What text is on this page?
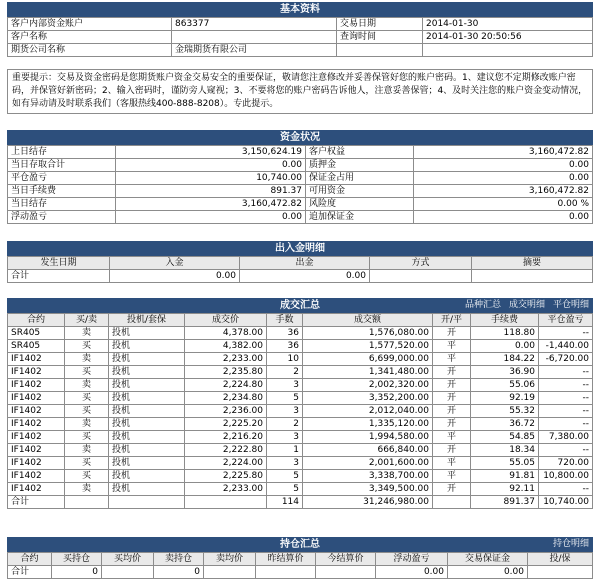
基本资料
客户内部资金账户	863377	交易日期	2014-01-30
客户名称		查询时间	2014-01-30 20:50:56
期货公司名称	金瑞期货有限公司		
重要提示：交易及资金密码是您期货账户资金交易安全的重要保证，敬请您注意修改并妥善保管好您的账户密码。1、建议您不定期修改账户密码，并保管好新密码；2、输入密码时，谨防旁人窥视；3、不要将您的账户密码告诉他人，注意妥善保管；4、及时关注您的账户资金变动情况，如有异动请及时联系我们（客服热线400-888-8208）。专此提示。
资金状况
上日结存	3,150,624.19	客户权益	3,160,472.82
当日存取合计	0.00	质押金	0.00
平仓盈亏	10,740.00	保证金占用	0.00
当日手续费	891.37	可用资金	3,160,472.82
当日结存	3,160,472.82	风险度	0.00 %
浮动盈亏	0.00	追加保证金	0.00
出入金明细
发生日期	入金	出金	方式	摘要
合计	0.00	0.00		
成交汇总	品种汇总 成交明细 平仓明细
合约	买/卖	投机/套保	成交价	手数	成交额	开/平	手续费	平仓盈亏
SR405	卖	投机	4,378.00	36	1,576,080.00	开	118.80	--
SR405	买	投机	4,382.00	36	1,577,520.00	平	0.00	-1,440.00
IF1402	卖	投机	2,233.00	10	6,699,000.00	平	184.22	-6,720.00
IF1402	买	投机	2,235.80	2	1,341,480.00	开	36.90	--
IF1402	卖	投机	2,224.80	3	2,002,320.00	开	55.06	--
IF1402	买	投机	2,234.80	5	3,352,200.00	开	92.19	--
IF1402	买	投机	2,236.00	3	2,012,040.00	开	55.32	--
IF1402	卖	投机	2,225.20	2	1,335,120.00	开	36.72	--
IF1402	买	投机	2,216.20	3	1,994,580.00	平	54.85	7,380.00
IF1402	卖	投机	2,222.80	1	666,840.00	开	18.34	--
IF1402	买	投机	2,224.00	3	2,001,600.00	平	55.05	720.00
IF1402	买	投机	2,225.80	5	3,338,700.00	平	91.81	10,800.00
IF1402	卖	投机	2,233.00	5	3,349,500.00	开	92.11	--
合计				114	31,246,980.00		891.37	10,740.00
持仓汇总	持仓明细
合约	买持仓	买均价	卖持仓	卖均价	昨结算价	今结算价	浮动盈亏	交易保证金	投/保
合计	0		0				0.00	0.00	
